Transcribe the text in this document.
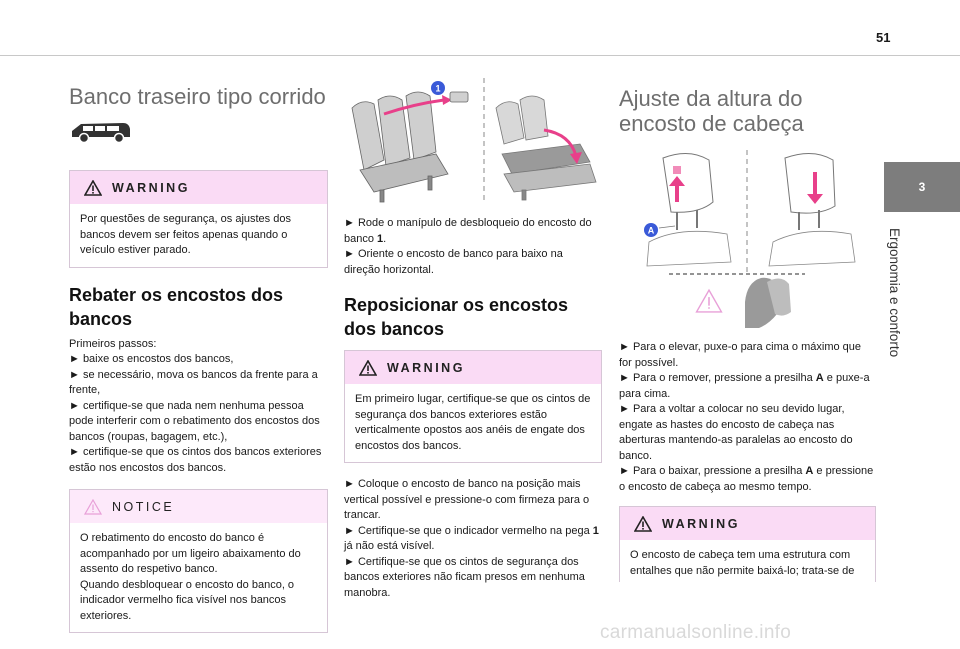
51
3
Ergonomia e conforto
Banco traseiro tipo corrido
WARNING

Por questões de segurança, os ajustes dos bancos devem ser feitos apenas quando o veículo estiver parado.

Rebater os encostos dos bancos

Primeiros passos:

► baixe os encostos dos bancos,

► se necessário, mova os bancos da frente para a frente,

► certifique-se que nada nem nenhuma pessoa pode interferir com o rebatimento dos encostos dos bancos (roupas, bagagem, etc.),

► certifique-se que os cintos dos bancos exteriores estão nos encostos dos bancos.

NOTICE

O rebatimento do encosto do banco é acompanhado por um ligeiro abaixamento do assento do respetivo banco.

Quando desbloquear o encosto do banco, o indicador vermelho fica visível nos bancos exteriores.

1

► Rode o manípulo de desbloqueio do encosto do banco 1.

► Oriente o encosto de banco para baixo na direção horizontal.

Reposicionar os encostos dos bancos
WARNING

Em primeiro lugar, certifique-se que os cintos de segurança dos bancos exteriores estão verticalmente opostos aos anéis de engate dos encostos dos bancos.

► Coloque o encosto de banco na posição mais vertical possível e pressione-o com firmeza para o trancar.

► Certifique-se que o indicador vermelho na pega 1 já não está visível.

► Certifique-se que os cintos de segurança dos bancos exteriores não ficam presos em nenhuma manobra.

Ajuste da altura do encosto de cabeça
A

► Para o elevar, puxe-o para cima o máximo que for possível.

► Para o remover, pressione a presilha A e puxe-a para cima.

► Para a voltar a colocar no seu devido lugar, engate as hastes do encosto de cabeça nas aberturas mantendo-as paralelas ao encosto do banco.

► Para o baixar, pressione a presilha A e pressione o encosto de cabeça ao mesmo tempo.

WARNING

O encosto de cabeça tem uma estrutura com entalhes que não permite baixá-lo; trata-se de

carmanualsonline.info
